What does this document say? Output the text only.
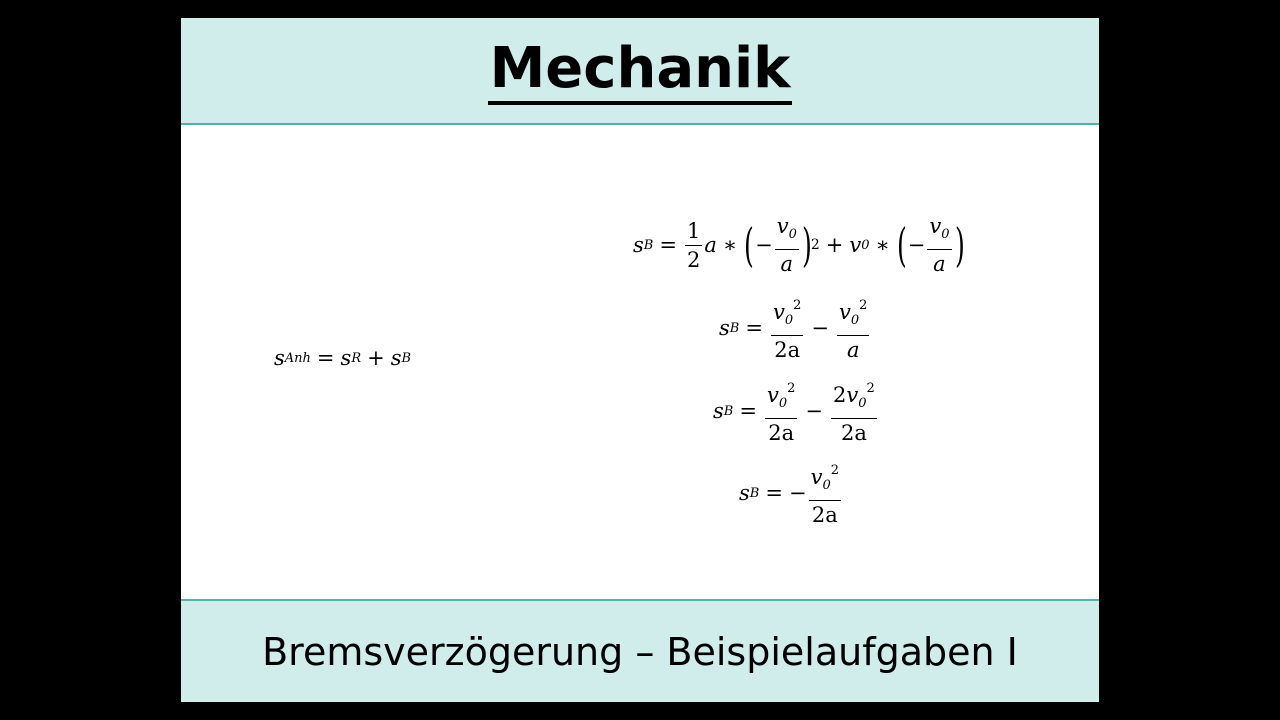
Mechanik
s Anh = s R + s B
s $B = \frac{1}{2}$ a ∗ ( − $\frac{v_0}{a}$ ) 2 + v 0 ∗ ( − $\frac{v_0}{a}$ )
s $B = \frac{v_0^2}{2a} - \frac{v_0^2}{a}$
s $B = \frac{v_0^2}{2a} - \frac{2v_0^2}{2a}$
s B = − $\frac{v_0^2}{2a}$
Bremsverzögerung – Beispielaufgaben I
